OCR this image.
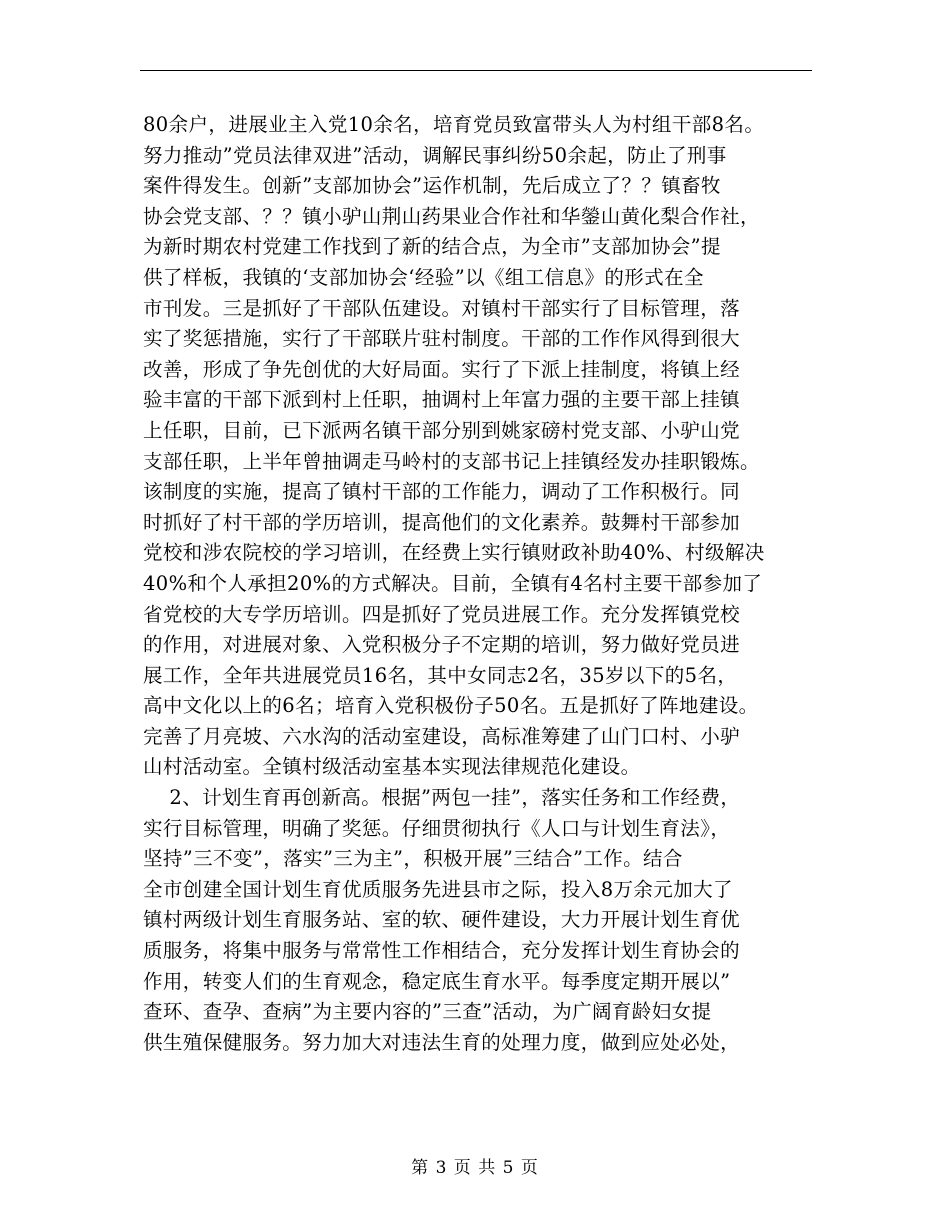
80余户，进展业主入党10余名，培育党员致富带头人为村组干部8名。
努力推动”党员法律双进”活动，调解民事纠纷50余起，防止了刑事
案件得发生。创新”支部加协会”运作机制，先后成立了？？镇畜牧
协会党支部、？？镇小驴山荆山药果业合作社和华鎣山黄化梨合作社，
为新时期农村党建工作找到了新的结合点，为全市”支部加协会”提
供了样板，我镇的‘支部加协会‘经验”以《组工信息》的形式在全
市刊发。三是抓好了干部队伍建设。对镇村干部实行了目标管理，落
实了奖惩措施，实行了干部联片驻村制度。干部的工作作风得到很大
改善，形成了争先创优的大好局面。实行了下派上挂制度，将镇上经
验丰富的干部下派到村上任职，抽调村上年富力强的主要干部上挂镇
上任职，目前，已下派两名镇干部分别到姚家磅村党支部、小驴山党
支部任职，上半年曾抽调走马岭村的支部书记上挂镇经发办挂职锻炼。
该制度的实施，提高了镇村干部的工作能力，调动了工作积极行。同
时抓好了村干部的学历培训，提高他们的文化素养。鼓舞村干部参加
党校和涉农院校的学习培训，在经费上实行镇财政补助40%、村级解决
40%和个人承担20%的方式解决。目前，全镇有4名村主要干部参加了
省党校的大专学历培训。四是抓好了党员进展工作。充分发挥镇党校
的作用，对进展对象、入党积极分子不定期的培训，努力做好党员进
展工作，全年共进展党员16名，其中女同志2名，35岁以下的5名，
高中文化以上的6名；培育入党积极份子50名。五是抓好了阵地建设。
完善了月亮坡、六水沟的活动室建设，高标准筹建了山门口村、小驴
山村活动室。全镇村级活动室基本实现法律规范化建设。
2、计划生育再创新高。根据”两包一挂”，落实任务和工作经费，
实行目标管理，明确了奖惩。仔细贯彻执行《人口与计划生育法》，
坚持”三不变”，落实”三为主”，积极开展”三结合”工作。结合
全市创建全国计划生育优质服务先进县市之际，投入8万余元加大了
镇村两级计划生育服务站、室的软、硬件建设，大力开展计划生育优
质服务，将集中服务与常常性工作相结合，充分发挥计划生育协会的
作用，转变人们的生育观念，稳定底生育水平。每季度定期开展以”
查环、查孕、查病”为主要内容的”三查”活动，为广阔育龄妇女提
供生殖保健服务。努力加大对违法生育的处理力度，做到应处必处，
第 3 页 共 5 页
